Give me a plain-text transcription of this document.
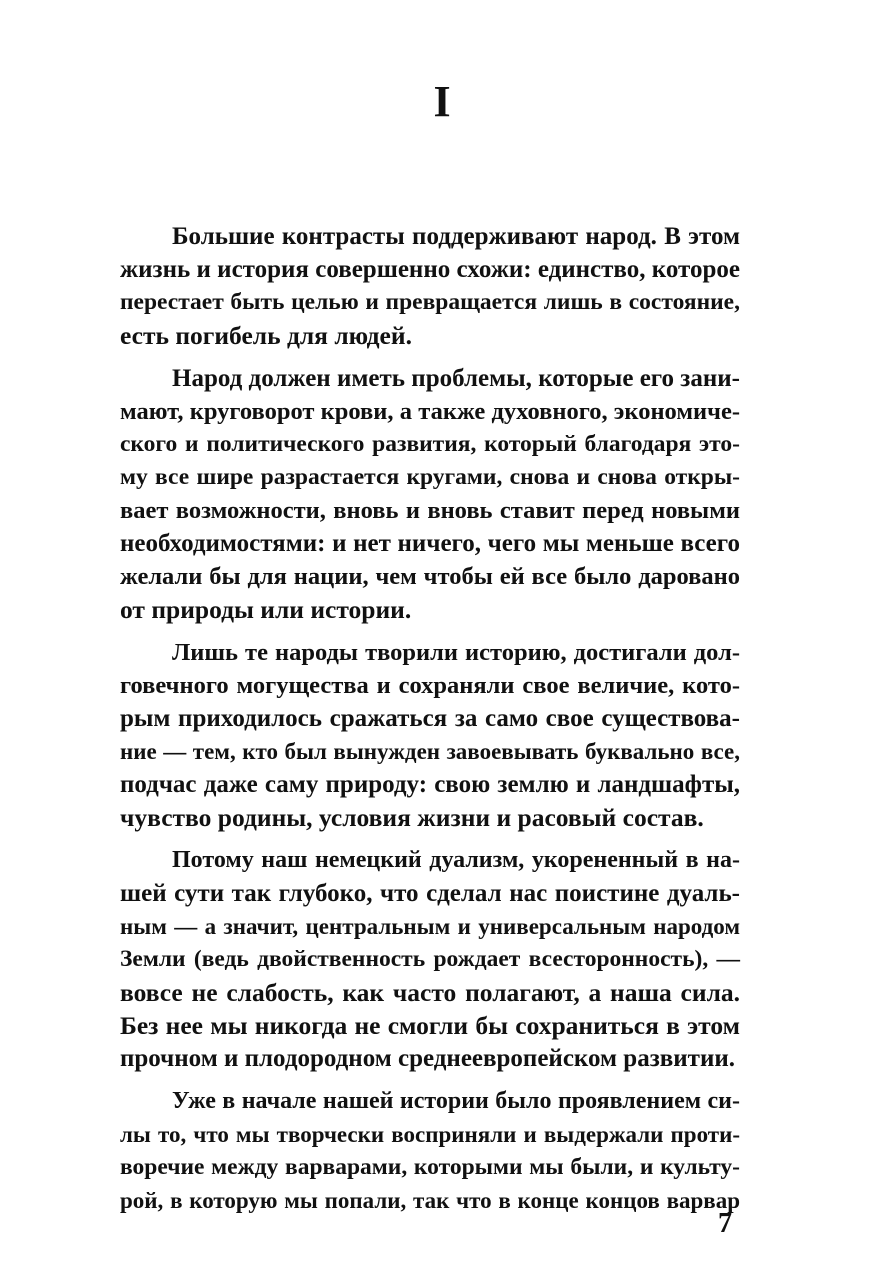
I

Большие контрасты поддерживают народ. В этом
жизнь и история совершенно схожи: единство, которое
перестает быть целью и превращается лишь в состояние,
есть погибель для людей.

Народ должен иметь проблемы, которые его зани-
мают, круговорот крови, а также духовного, экономиче-
ского и политического развития, который благодаря это-
му все шире разрастается кругами, снова и снова откры-
вает возможности, вновь и вновь ставит перед новыми
необходимостями: и нет ничего, чего мы меньше всего
желали бы для нации, чем чтобы ей все было даровано
от природы или истории.

Лишь те народы творили историю, достигали дол-
говечного могущества и сохраняли свое величие, кото-
рым приходилось сражаться за само свое существова-
ние — тем, кто был вынужден завоевывать буквально все,
подчас даже саму природу: свою землю и ландшафты,
чувство родины, условия жизни и расовый состав.

Потому наш немецкий дуализм, укорененный в на-
шей сути так глубоко, что сделал нас поистине дуаль-
ным — а значит, центральным и универсальным народом
Земли (ведь двойственность рождает всесторонность), —
вовсе не слабость, как часто полагают, а наша сила.
Без нее мы никогда не смогли бы сохраниться в этом
прочном и плодородном среднеевропейском развитии.

Уже в начале нашей истории было проявлением си-
лы то, что мы творчески восприняли и выдержали проти-
воречие между варварами, которыми мы были, и культу-
рой, в которую мы попали, так что в конце концов варвар

7
